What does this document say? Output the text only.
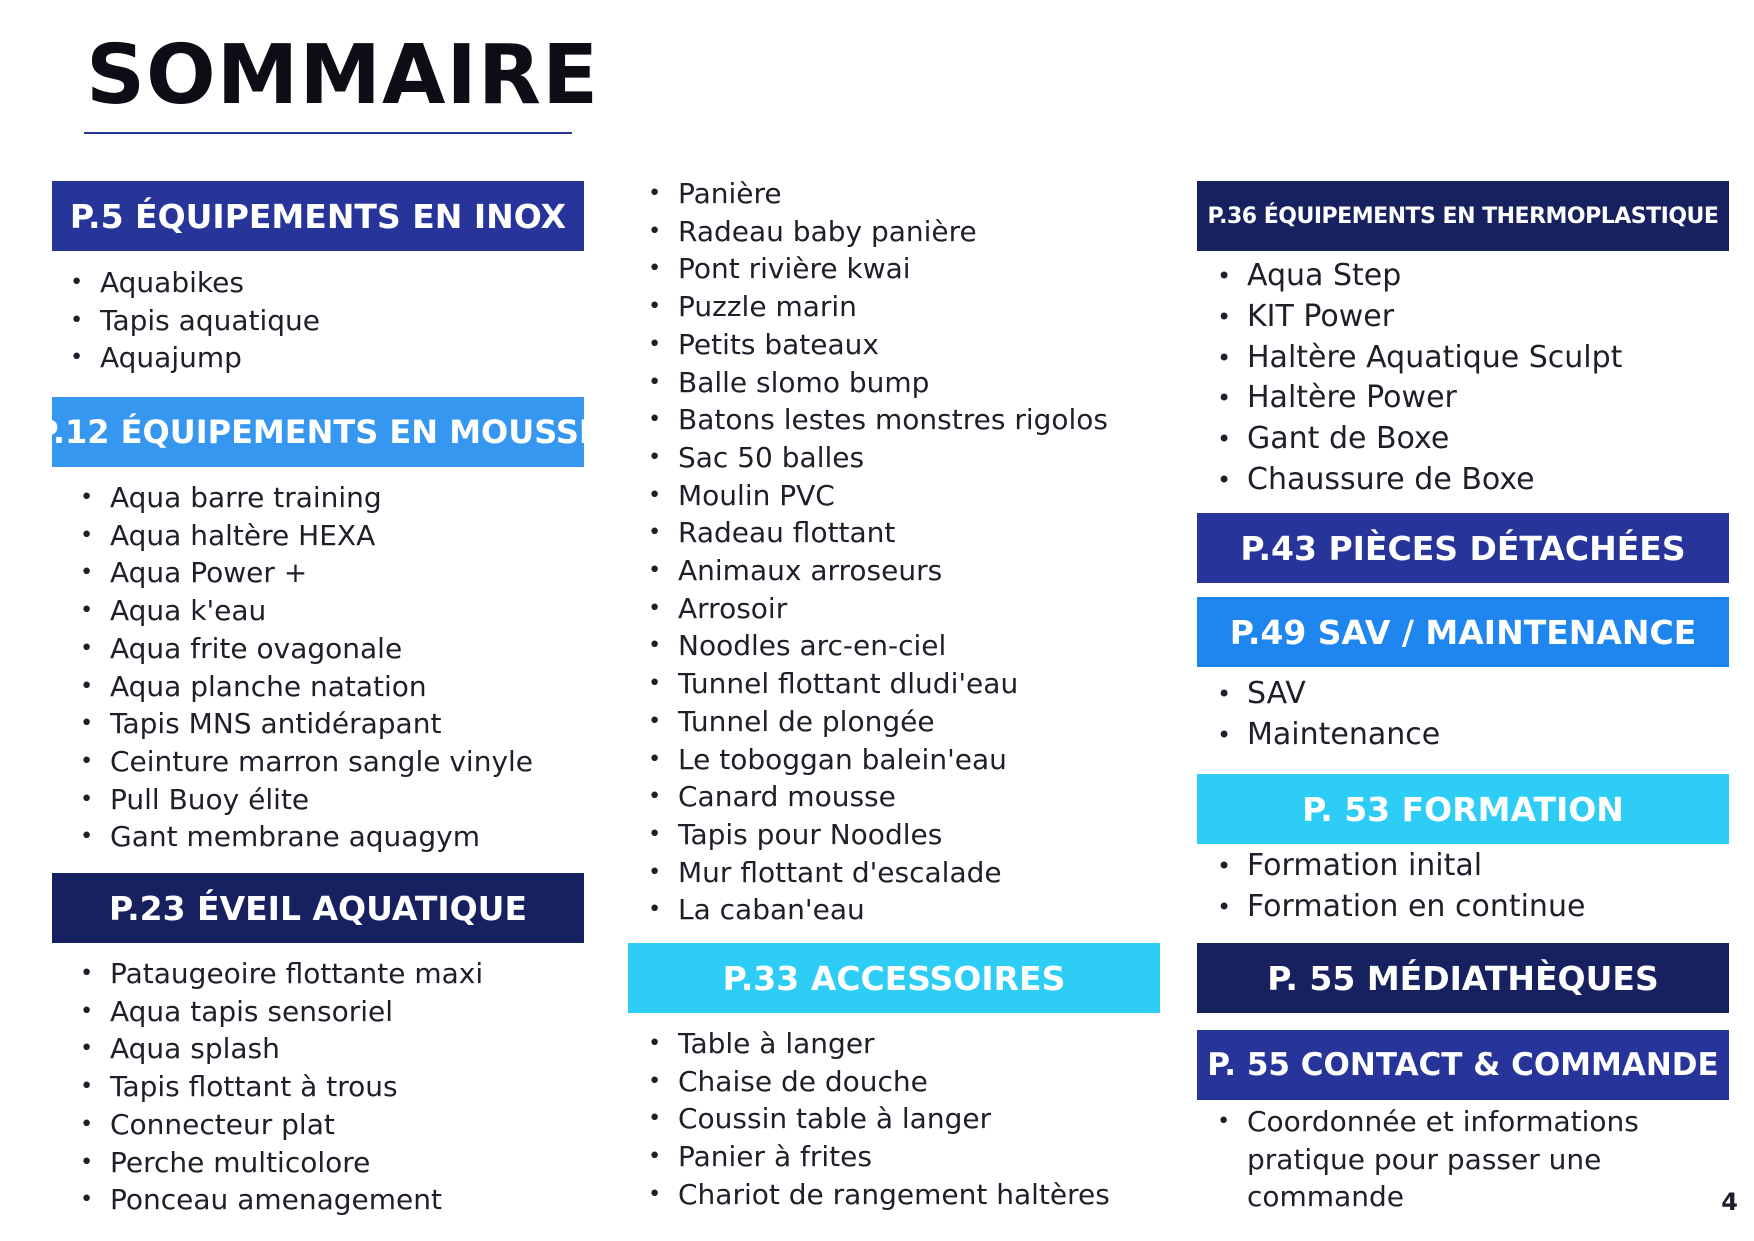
SOMMAIRE
P.5 ÉQUIPEMENTS EN INOX
• Aquabikes
• Tapis aquatique
• Aquajump
P.12 ÉQUIPEMENTS EN MOUSSE
• Aqua barre training
• Aqua haltère HEXA
• Aqua Power +
• Aqua k'eau
• Aqua frite ovagonale
• Aqua planche natation
• Tapis MNS antidérapant
• Ceinture marron sangle vinyle
• Pull Buoy élite
• Gant membrane aquagym
P.23 ÉVEIL AQUATIQUE
• Pataugeoire flottante maxi
• Aqua tapis sensoriel
• Aqua splash
• Tapis flottant à trous
• Connecteur plat
• Perche multicolore
• Ponceau amenagement
• Panière
• Radeau baby panière
• Pont rivière kwai
• Puzzle marin
• Petits bateaux
• Balle slomo bump
• Batons lestes monstres rigolos
• Sac 50 balles
• Moulin PVC
• Radeau flottant
• Animaux arroseurs
• Arrosoir
• Noodles arc-en-ciel
• Tunnel flottant dludi'eau
• Tunnel de plongée
• Le toboggan balein'eau
• Canard mousse
• Tapis pour Noodles
• Mur flottant d'escalade
• La caban'eau
P.33 ACCESSOIRES
• Table à langer
• Chaise de douche
• Coussin table à langer
• Panier à frites
• Chariot de rangement haltères
P.36 ÉQUIPEMENTS EN THERMOPLASTIQUE
• Aqua Step
• KIT Power
• Haltère Aquatique Sculpt
• Haltère Power
• Gant de Boxe
• Chaussure de Boxe
P.43 PIÈCES DÉTACHÉES
P.49 SAV / MAINTENANCE
• SAV
• Maintenance
P. 53 FORMATION
• Formation inital
• Formation en continue
P. 55 MÉDIATHÈQUES
P. 55 CONTACT & COMMANDE
• Coordonnée et informations pratique pour passer une commande	4
